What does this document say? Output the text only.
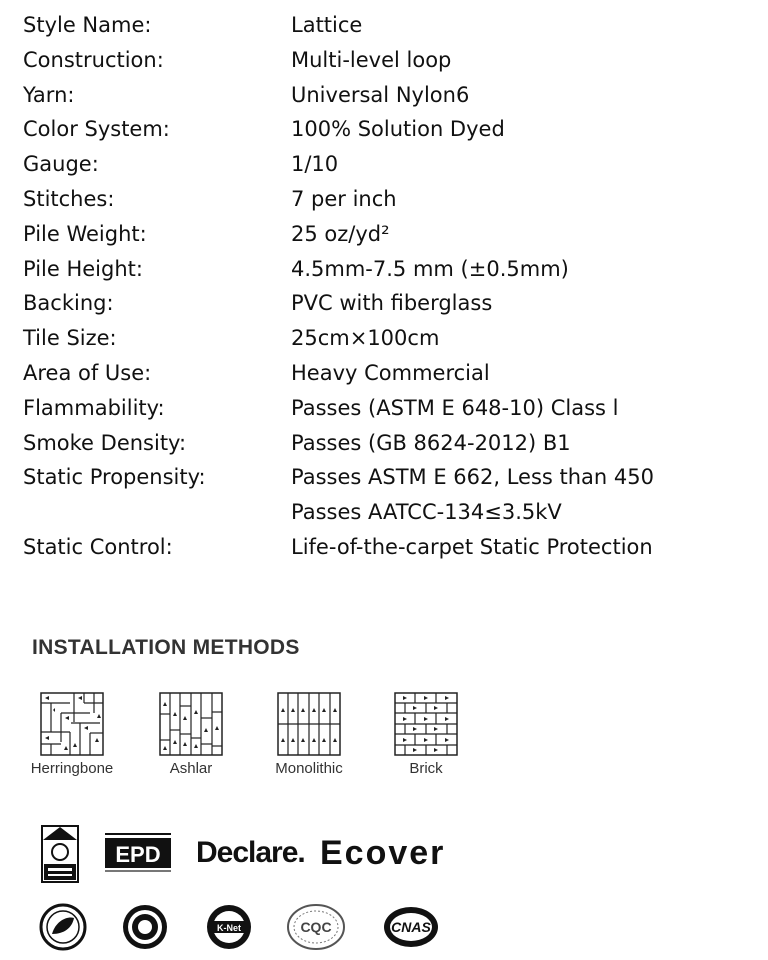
Style Name:	Lattice
Construction:	Multi-level loop
Yarn:	Universal Nylon6
Color System:	100% Solution Dyed
Gauge:	1/10
Stitches:	7 per inch
Pile Weight:	25 oz/yd²
Pile Height:	4.5mm-7.5 mm (±0.5mm)
Backing:	PVC with fiberglass
Tile Size:	25cm×100cm
Area of Use:	Heavy Commercial
Flammability:	Passes (ASTM E 648-10) Class l
Smoke Density:	Passes (GB 8624-2012) B1
Static Propensity:	Passes ASTM E 662, Less than 450
Passes AATCC-134≤3.5kV
Static Control:	Life-of-the-carpet Static Protection
INSTALLATION METHODS
Herringbone	Ashlar	Monolithic	Brick
EPD Declare. Ecover
K-Net	CQC	CNAS
